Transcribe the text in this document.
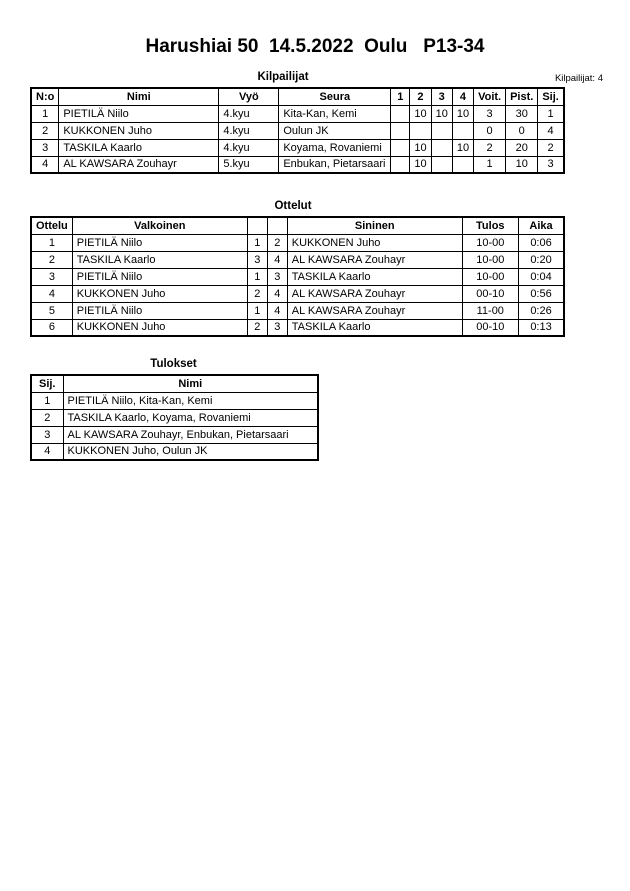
Harushiai 50  14.5.2022  Oulu   P13-34
Kilpailijat	Kilpailijat: 4
N:o	Nimi	Vyö	Seura	1	2	3	4	Voit.	Pist.	Sij.
1	PIETILÄ Niilo	4.kyu	Kita-Kan, Kemi		10	10	10	3	30	1
2	KUKKONEN Juho	4.kyu	Oulun JK					0	0	4
3	TASKILA Kaarlo	4.kyu	Koyama, Rovaniemi		10		10	2	20	2
4	AL KAWSARA Zouhayr	5.kyu	Enbukan, Pietarsaari		10			1	10	3
Ottelut
Ottelu	Valkoinen			Sininen	Tulos	Aika
1	PIETILÄ Niilo	1	2	KUKKONEN Juho	10-00	0:06
2	TASKILA Kaarlo	3	4	AL KAWSARA Zouhayr	10-00	0:20
3	PIETILÄ Niilo	1	3	TASKILA Kaarlo	10-00	0:04
4	KUKKONEN Juho	2	4	AL KAWSARA Zouhayr	00-10	0:56
5	PIETILÄ Niilo	1	4	AL KAWSARA Zouhayr	11-00	0:26
6	KUKKONEN Juho	2	3	TASKILA Kaarlo	00-10	0:13
Tulokset
Sij.	Nimi
1	PIETILÄ Niilo, Kita-Kan, Kemi
2	TASKILA Kaarlo, Koyama, Rovaniemi
3	AL KAWSARA Zouhayr, Enbukan, Pietarsaari
4	KUKKONEN Juho, Oulun JK
